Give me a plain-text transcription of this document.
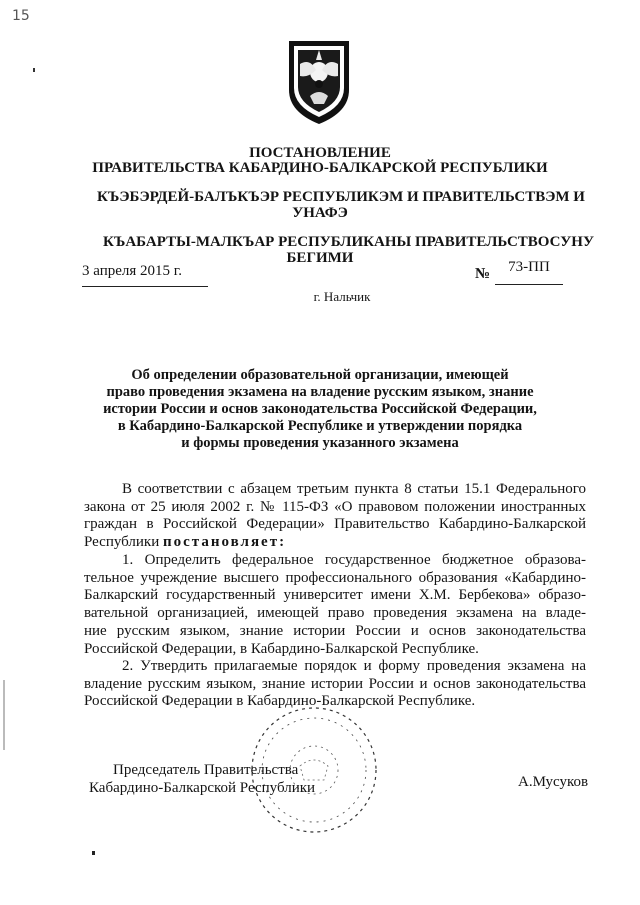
15
ПОСТАНОВЛЕНИЕ
ПРАВИТЕЛЬСТВА КАБАРДИНО-БАЛКАРСКОЙ РЕСПУБЛИКИ
КЪЭБЭРДЕЙ-БАЛЪКЪЭР РЕСПУБЛИКЭМ И ПРАВИТЕЛЬСТВЭМ И
УНАФЭ
КЪАБАРТЫ-МАЛКЪАР РЕСПУБЛИКАНЫ ПРАВИТЕЛЬСТВОСУНУ
БЕГИМИ
3 апреля 2015 г.	№	73-ПП
г. Нальчик
Об определении образовательной организации, имеющей
право проведения экзамена на владение русским языком, знание
истории России и основ законодательства Российской Федерации,
в Кабардино-Балкарской Республике и утверждении порядка
и формы проведения указанного экзамена
В соответствии с абзацем третьим пункта 8 статьи 15.1 Федерального
закона от 25 июля 2002 г. № 115-ФЗ «О правовом положении иностранных
граждан в Российской Федерации» Правительство Кабардино-Балкарской
Республики постановляет:
1. Определить федеральное государственное бюджетное образова-
тельное учреждение высшего профессионального образования «Кабардино-
Балкарский государственный университет имени Х.М. Бербекова» образо-
вательной организацией, имеющей право проведения экзамена на владе-
ние русским языком, знание истории России и основ законодательства
Российской Федерации, в Кабардино-Балкарской Республике.
2. Утвердить прилагаемые порядок и форму проведения экзамена на
владение русским языком, знание истории России и основ законодательства
Российской Федерации в Кабардино-Балкарской Республике.
Председатель Правительства
Кабардино-Балкарской Республики	А.Мусуков
